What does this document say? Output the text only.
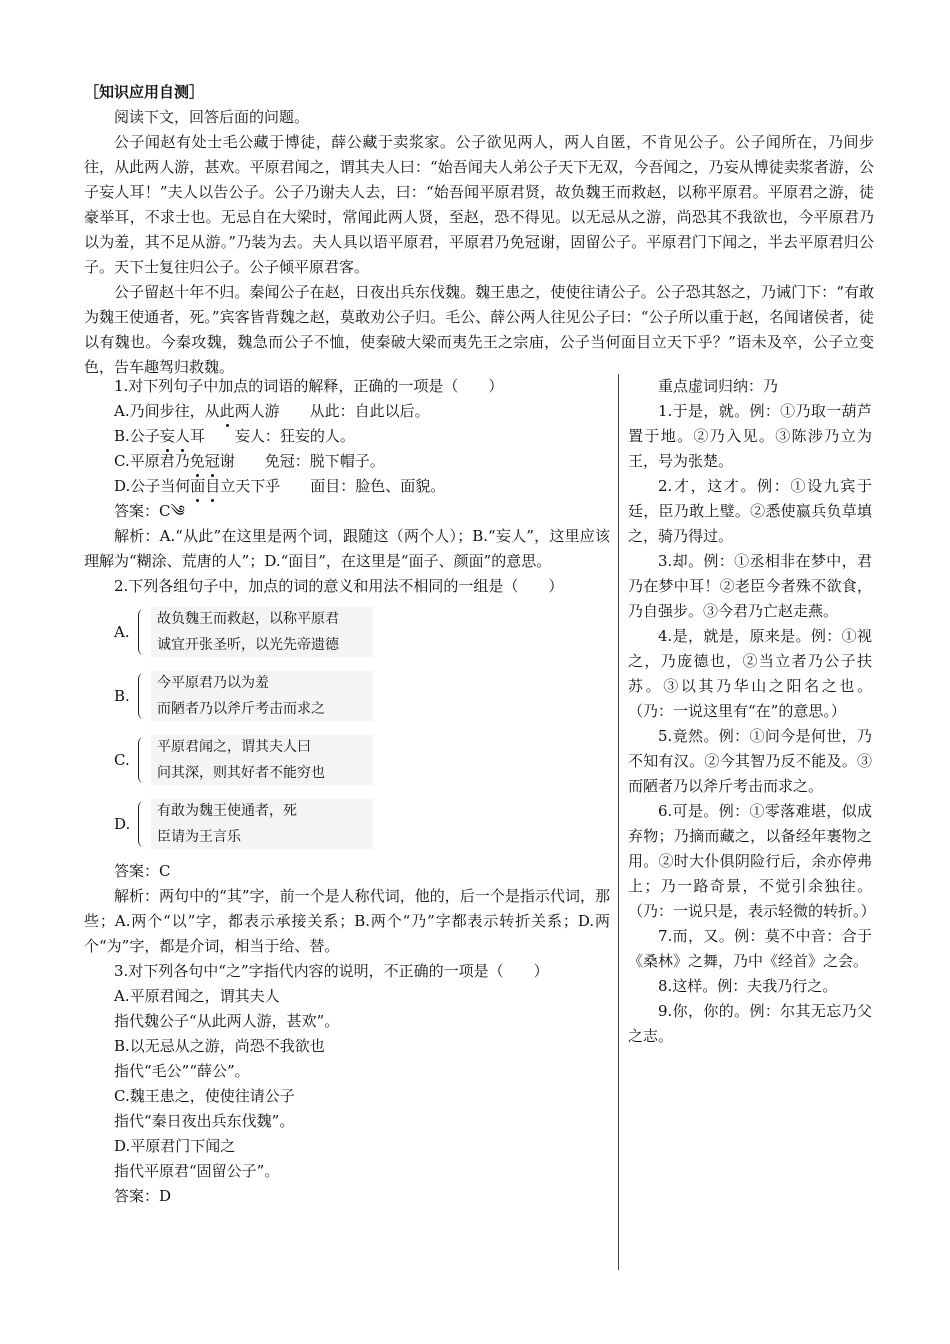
［知识应用自测］
阅读下文，回答后面的问题。
公子闻赵有处士毛公藏于博徒，薛公藏于卖浆家。公子欲见两人，两人自匿，不肯见公子。公子闻所在，乃间步往，从此两人游，甚欢。平原君闻之，谓其夫人曰：“始吾闻夫人弟公子天下无双，今吾闻之，乃妄从博徒卖浆者游，公子妄人耳！”夫人以告公子。公子乃谢夫人去，曰：“始吾闻平原君贤，故负魏王而救赵，以称平原君。平原君之游，徒豪举耳，不求士也。无忌自在大梁时，常闻此两人贤，至赵，恐不得见。以无忌从之游，尚恐其不我欲也，今平原君乃以为羞，其不足从游。”乃装为去。夫人具以语平原君，平原君乃免冠谢，固留公子。平原君门下闻之，半去平原君归公子。天下士复往归公子。公子倾平原君客。
公子留赵十年不归。秦闻公子在赵，日夜出兵东伐魏。魏王患之，使使往请公子。公子恐其怒之，乃诫门下：“有敢为魏王使通者，死。”宾客皆背魏之赵，莫敢劝公子归。毛公、薛公两人往见公子曰：“公子所以重于赵，名闻诸侯者，徒以有魏也。今秦攻魏，魏急而公子不恤，使秦破大梁而夷先王之宗庙，公子当何面目立天下乎？”语未及卒，公子立变色，告车趣驾归救魏。
1.对下列句子中加点的词语的解释，正确的一项是（　　）
A.乃间步往，从此两人游　　从此：自此以后。
B.公子妄人耳　　妄人：狂妄的人。
C.平原君乃免冠谢　　免冠：脱下帽子。
D.公子当何面目立天下乎　　面目：脸色、面貌。
答案：C༄
解析：A.“从此”在这里是两个词，跟随这（两个人）；B.“妄人”，这里应该理解为“糊涂、荒唐的人”；D.“面目”，在这里是“面子、颜面”的意思。
2.下列各组句子中，加点的词的意义和用法不相同的一组是（　　）
A.
故负魏王而救赵，以称平原君
诚宜开张圣听，以光先帝遗德
B.
今平原君乃以为羞
而陋者乃以斧斤考击而求之
C.
平原君闻之，谓其夫人曰
问其深，则其好者不能穷也
D.
有敢为魏王使通者，死
臣请为王言乐
答案：C
解析：两句中的“其”字，前一个是人称代词，他的，后一个是指示代词，那些；A.两个“以”字，都表示承接关系；B.两个“乃”字都表示转折关系；D.两个“为”字，都是介词，相当于给、替。
3.对下列各句中“之”字指代内容的说明，不正确的一项是（　　）
A.平原君闻之，谓其夫人
指代魏公子“从此两人游，甚欢”。
B.以无忌从之游，尚恐不我欲也
指代“毛公”“薛公”。
C.魏王患之，使使往请公子
指代“秦日夜出兵东伐魏”。
D.平原君门下闻之
指代平原君“固留公子”。
答案：D
重点虚词归纳：乃
1.于是，就。例：①乃取一葫芦置于地。②乃入见。③陈涉乃立为王，号为张楚。
2.才，这才。例：①设九宾于廷，臣乃敢上璧。②悉使嬴兵负草填之，骑乃得过。
3.却。例：①丞相非在梦中，君乃在梦中耳！②老臣今者殊不欲食，乃自强步。③今君乃亡赵走燕。
4.是，就是，原来是。例：①视之，乃庞德也，②当立者乃公子扶苏。③以其乃华山之阳名之也。（乃：一说这里有“在”的意思。）
5.竟然。例：①问今是何世，乃不知有汉。②今其智乃反不能及。③而陋者乃以斧斤考击而求之。
6.可是。例：①零落难堪，似成弃物；乃摘而藏之，以备经年裹物之用。②时大仆俱阴险行后，余亦停弗上；乃一路奇景，不觉引余独往。（乃：一说只是，表示轻微的转折。）
7.而，又。例：莫不中音：合于《桑林》之舞，乃中《经首》之会。
8.这样。例：夫我乃行之。
9.你，你的。例：尔其无忘乃父之志。
